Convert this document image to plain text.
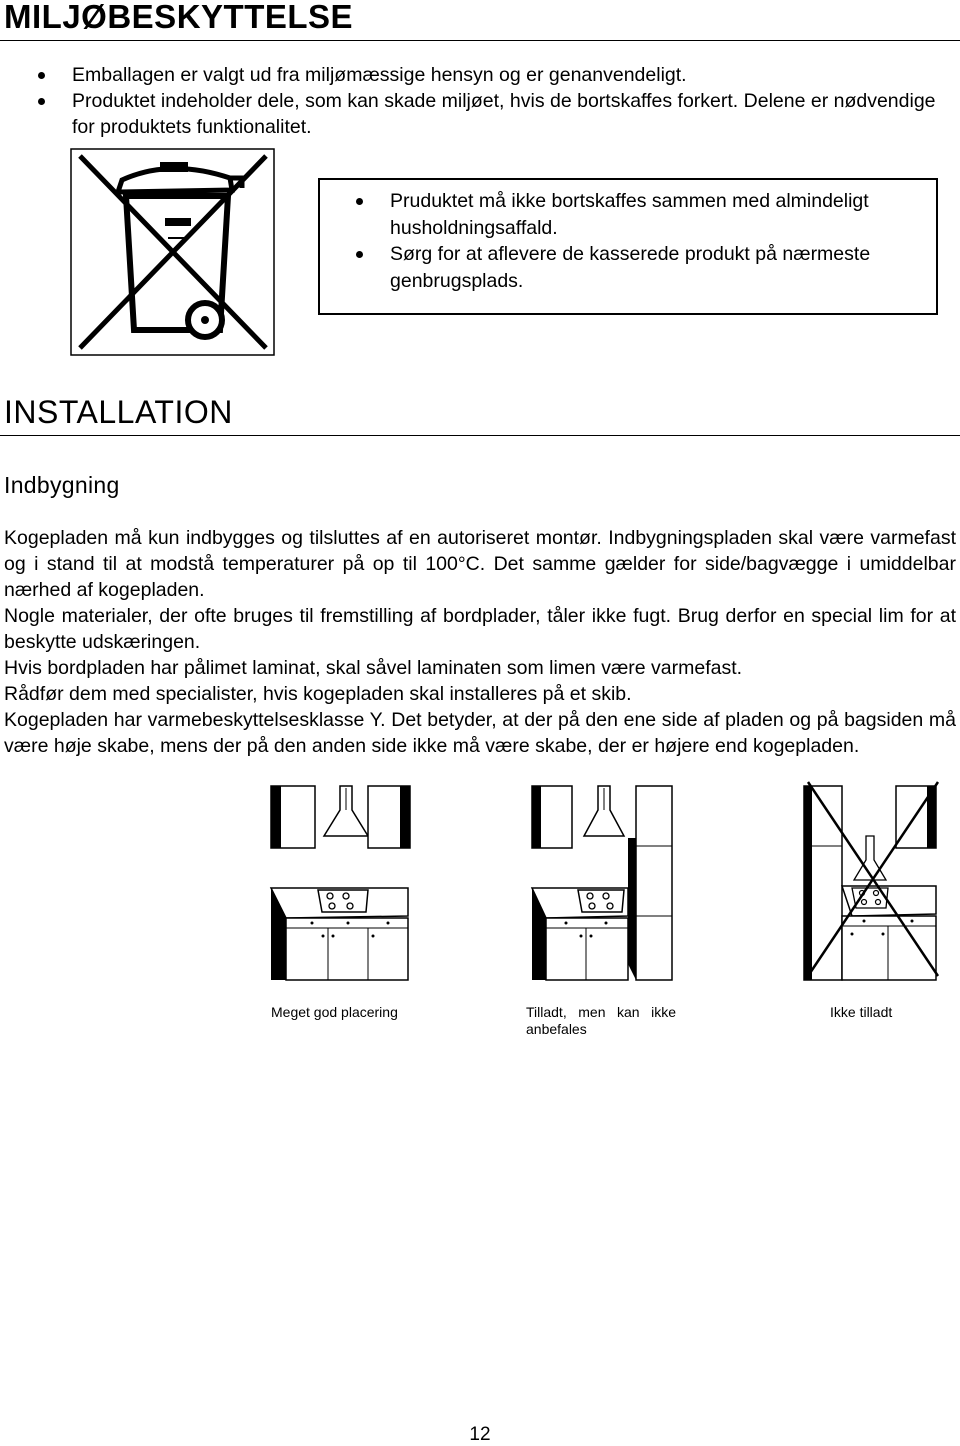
MILJØBESKYTTELSE
Emballagen er valgt ud fra miljømæssige hensyn og er genanvendeligt.
Produktet indeholder dele, som kan skade miljøet, hvis de bortskaffes forkert. Delene er nødvendige for produktets funktionalitet.
Pruduktet må ikke bortskaffes sammen med almindeligt husholdningsaffald.
Sørg for at aflevere de kasserede produkt på nærmeste genbrugsplads.
INSTALLATION
Indbygning

Kogepladen må kun indbygges og tilsluttes af en autoriseret montør. Indbygningspladen skal være varmefast og i stand til at modstå temperaturer på op til 100°C. Det samme gælder for side/bagvægge i umiddelbar nærhed af kogepladen.

Nogle materialer, der ofte bruges til fremstilling af bordplader, tåler ikke fugt. Brug derfor en special lim for at beskytte udskæringen.

Hvis bordpladen har pålimet laminat, skal såvel laminaten som limen være varmefast.

Rådfør dem med specialister, hvis kogepladen skal installeres på et skib.

Kogepladen har varmebeskyttelsesklasse Y. Det betyder, at der på den ene side af pladen og på bagsiden må være høje skabe, mens der på den anden side ikke må være skabe, der er højere end kogepladen.

Meget god placering	Tilladt, men kan ikke anbefales
Ikke tilladt
12
